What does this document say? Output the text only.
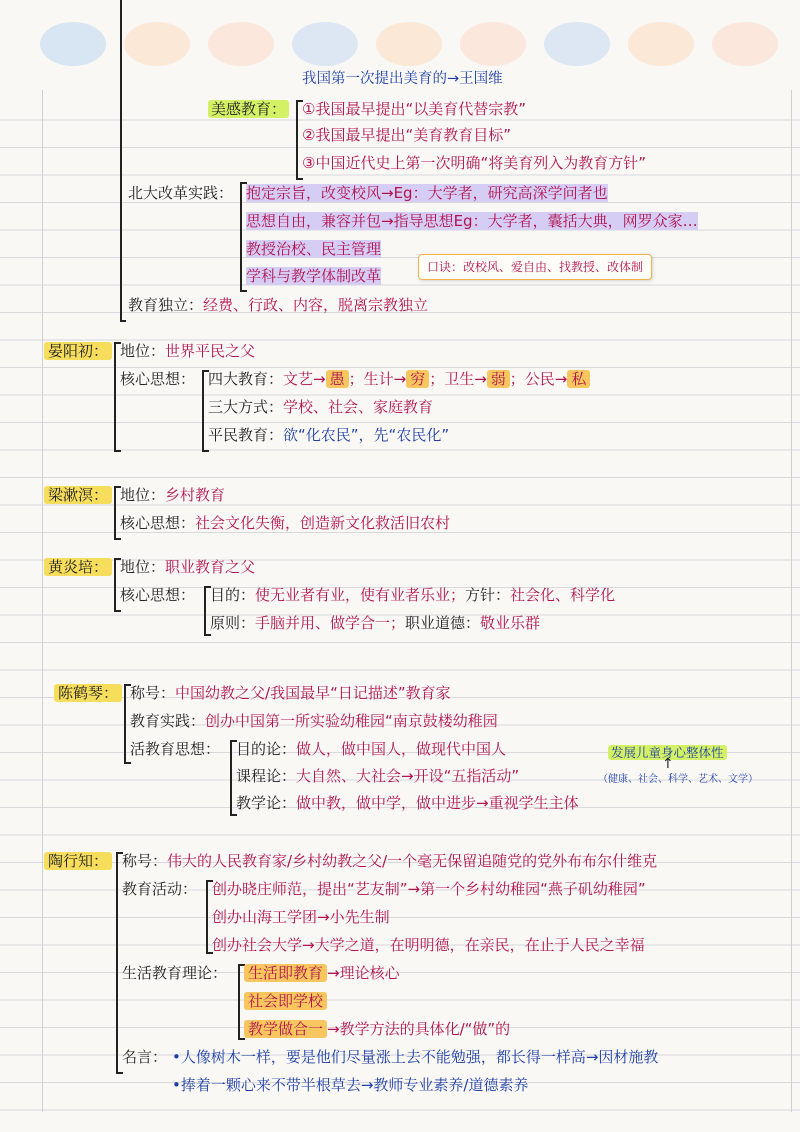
我国第一次提出美育的→王国维
美感教育： ①我国最早提出“以美育代替宗教”
②我国最早提出“美育教育目标”
③中国近代史上第一次明确“将美育列入为教育方针”
北大改革实践： 抱定宗旨，改变校风→Eg：大学者，研究高深学问者也
思想自由，兼容并包→指导思想Eg：大学者，囊括大典，网罗众家…
教授治校、民主管理
学科与教学体制改革	口诀：改校风、爱自由、找教授、改体制
教育独立：经费、行政、内容，脱离宗教独立
晏阳初： 地位：世界平民之父
核心思想： 四大教育：文艺→ 愚 ；生计→ 穷 ；卫生→ 弱 ；公民→ 私
三大方式：学校、社会、家庭教育
平民教育：欲“化农民”，先“农民化”
梁漱溟： 地位：乡村教育
核心思想：社会文化失衡，创造新文化救活旧农村
黄炎培： 地位：职业教育之父
核心思想： 目的：使无业者有业，使有业者乐业；方针：社会化、科学化
原则：手脑并用、做学合一；职业道德：敬业乐群
陈鹤琴： 称号：中国幼教之父/我国最早“日记描述”教育家
教育实践：创办中国第一所实验幼稚园“南京鼓楼幼稚园
活教育思想： 目的论：做人，做中国人，做现代中国人
课程论：大自然、大社会→开设“五指活动”
教学论：做中教，做中学，做中进步→重视学生主体
发展儿童身心整体性
↑
（健康、社会、科学、艺术、文学）
陶行知： 称号：伟大的人民教育家/乡村幼教之父/一个毫无保留追随党的党外布布尔什维克
教育活动： 创办晓庄师范，提出“艺友制”→第一个乡村幼稚园“燕子矶幼稚园”
创办山海工学团→小先生制
创办社会大学→大学之道，在明明德，在亲民，在止于人民之幸福
生活教育理论： 生活即教育 →理论核心
社会即学校
教学做合一 →教学方法的具体化/“做”的
名言： •人像树木一样，要是他们尽量涨上去不能勉强，都长得一样高→因材施教
•捧着一颗心来不带半根草去→教师专业素养/道德素养
